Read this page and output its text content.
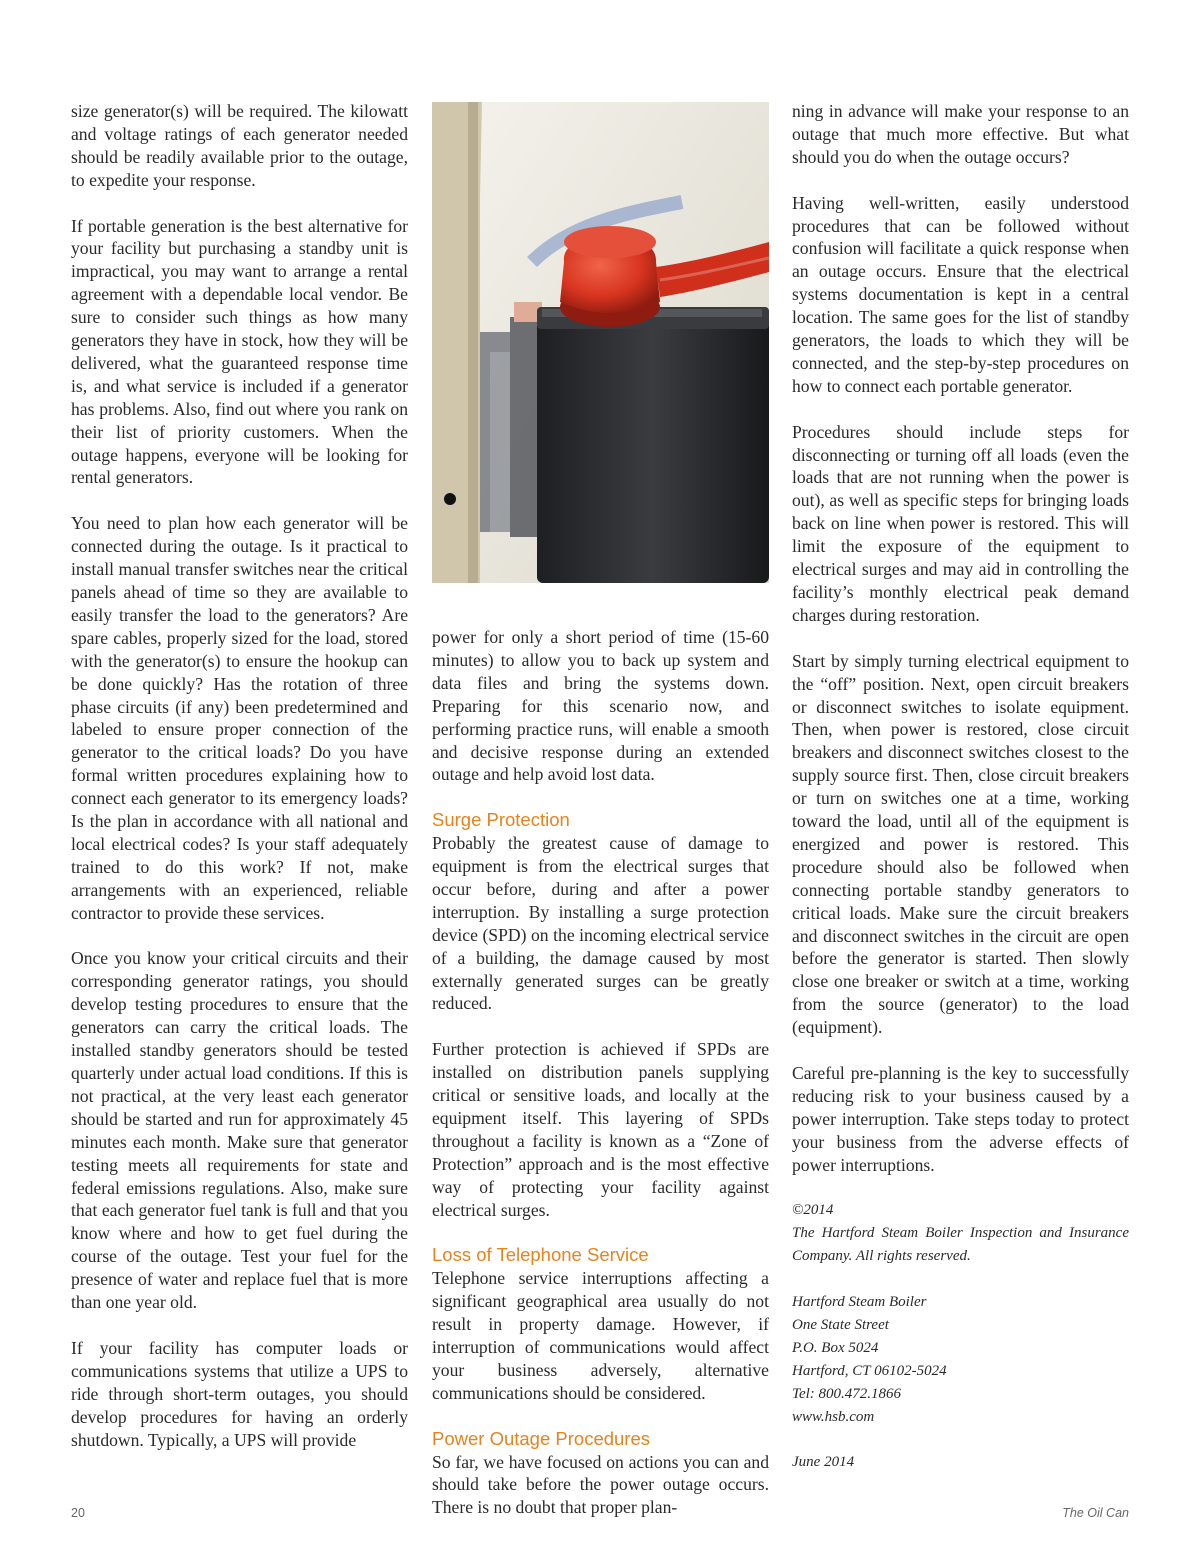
size generator(s) will be required. The kilowatt and voltage ratings of each generator needed should be readily available prior to the outage, to expedite your response.

If portable generation is the best alternative for your facility but purchasing a standby unit is impractical, you may want to arrange a rental agreement with a dependable local vendor. Be sure to consider such things as how many generators they have in stock, how they will be delivered, what the guaranteed response time is, and what service is included if a generator has problems. Also, find out where you rank on their list of priority customers. When the outage happens, everyone will be looking for rental generators.

You need to plan how each generator will be connected during the outage. Is it practical to install manual transfer switches near the critical panels ahead of time so they are available to easily transfer the load to the generators? Are spare cables, properly sized for the load, stored with the generator(s) to ensure the hookup can be done quickly? Has the rotation of three phase circuits (if any) been predetermined and labeled to ensure proper connection of the generator to the critical loads? Do you have formal written procedures explaining how to connect each generator to its emergency loads? Is the plan in accordance with all national and local electrical codes? Is your staff adequately trained to do this work? If not, make arrangements with an experienced, reliable contractor to provide these services.

Once you know your critical circuits and their corresponding generator ratings, you should develop testing procedures to ensure that the generators can carry the critical loads. The installed standby generators should be tested quarterly under actual load conditions. If this is not practical, at the very least each generator should be started and run for approximately 45 minutes each month. Make sure that generator testing meets all requirements for state and federal emissions regulations. Also, make sure that each generator fuel tank is full and that you know where and how to get fuel during the course of the outage. Test your fuel for the presence of water and replace fuel that is more than one year old.

If your facility has computer loads or communications systems that utilize a UPS to ride through short-term outages, you should develop procedures for having an orderly shutdown. Typically, a UPS will provide

power for only a short period of time (15-60 minutes) to allow you to back up system and data files and bring the systems down. Preparing for this scenario now, and performing practice runs, will enable a smooth and decisive response during an extended outage and help avoid lost data.

Surge Protection

Probably the greatest cause of damage to equipment is from the electrical surges that occur before, during and after a power interruption. By installing a surge protection device (SPD) on the incoming electrical service of a building, the damage caused by most externally generated surges can be greatly reduced.

Further protection is achieved if SPDs are installed on distribution panels supplying critical or sensitive loads, and locally at the equipment itself. This layering of SPDs throughout a facility is known as a “Zone of Protection” approach and is the most effective way of protecting your facility against electrical surges.

Loss of Telephone Service

Telephone service interruptions affecting a significant geographical area usually do not result in property damage. However, if interruption of communications would affect your business adversely, alternative communications should be considered.

Power Outage Procedures

So far, we have focused on actions you can and should take before the power outage occurs. There is no doubt that proper plan-

ning in advance will make your response to an outage that much more effective. But what should you do when the outage occurs?

Having well-written, easily understood procedures that can be followed without confusion will facilitate a quick response when an outage occurs. Ensure that the electrical systems documentation is kept in a central location. The same goes for the list of standby generators, the loads to which they will be connected, and the step-by-step procedures on how to connect each portable generator.

Procedures should include steps for disconnecting or turning off all loads (even the loads that are not running when the power is out), as well as specific steps for bringing loads back on line when power is restored. This will limit the exposure of the equipment to electrical surges and may aid in controlling the facility’s monthly electrical peak demand charges during restoration.

Start by simply turning electrical equipment to the “off” position. Next, open circuit breakers or disconnect switches to isolate equipment. Then, when power is restored, close circuit breakers and disconnect switches closest to the supply source first. Then, close circuit breakers or turn on switches one at a time, working toward the load, until all of the equipment is energized and power is restored. This procedure should also be followed when connecting portable standby generators to critical loads. Make sure the circuit breakers and disconnect switches in the circuit are open before the generator is started. Then slowly close one breaker or switch at a time, working from the source (generator) to the load (equipment).

Careful pre-planning is the key to successfully reducing risk to your business caused by a power interruption. Take steps today to protect your business from the adverse effects of power interruptions.

©2014
The Hartford Steam Boiler Inspection and Insurance Company. All rights reserved.
Hartford Steam Boiler
One State Street
P.O. Box 5024
Hartford, CT 06102-5024
Tel: 800.472.1866
www.hsb.com
June 2014
20	The Oil Can
